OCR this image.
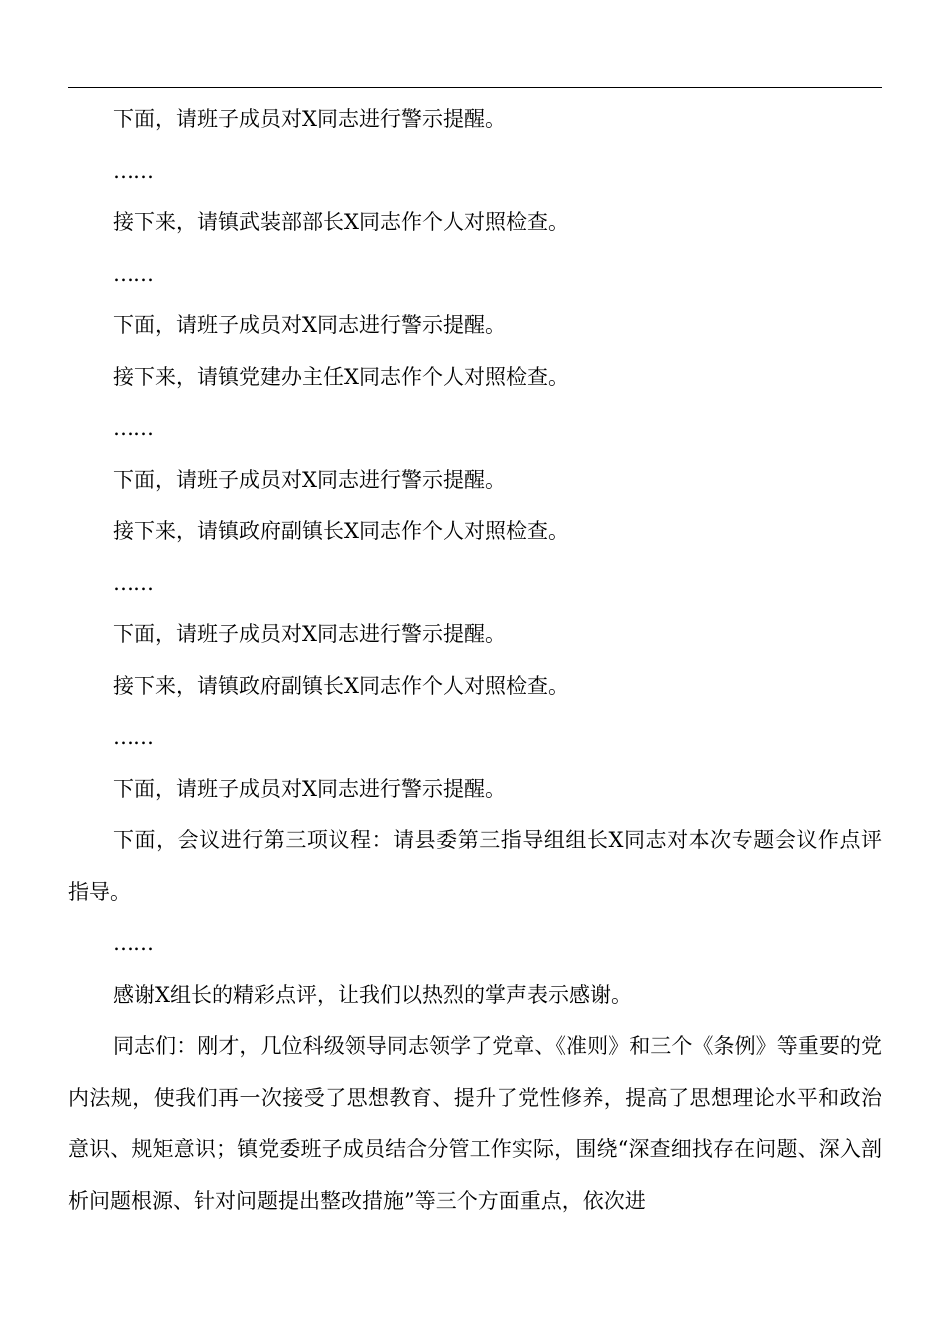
下面，请班子成员对X同志进行警示提醒。

……

接下来，请镇武装部部长X同志作个人对照检查。

……

下面，请班子成员对X同志进行警示提醒。

接下来，请镇党建办主任X同志作个人对照检查。

……

下面，请班子成员对X同志进行警示提醒。

接下来，请镇政府副镇长X同志作个人对照检查。

……

下面，请班子成员对X同志进行警示提醒。

接下来，请镇政府副镇长X同志作个人对照检查。

……

下面，请班子成员对X同志进行警示提醒。

下面，会议进行第三项议程：请县委第三指导组组长X同志对本次专题会议作点评指导。

……

感谢X组长的精彩点评，让我们以热烈的掌声表示感谢。

同志们：刚才，几位科级领导同志领学了党章、《准则》和三个《条例》等重要的党内法规，使我们再一次接受了思想教育、提升了党性修养，提高了思想理论水平和政治意识、规矩意识；镇党委班子成员结合分管工作实际，围绕“深查细找存在问题、深入剖析问题根源、针对问题提出整改措施”等三个方面重点，依次进
